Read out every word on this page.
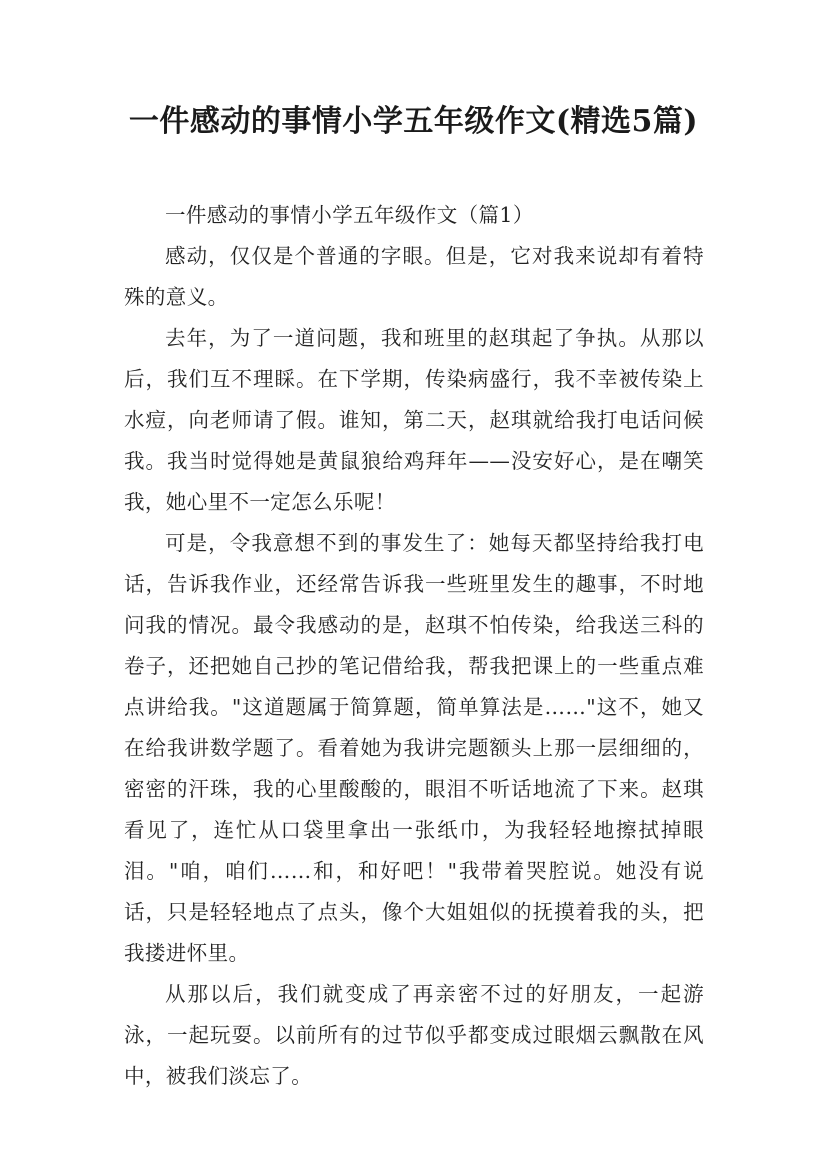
一件感动的事情小学五年级作文(精选5篇)

一件感动的事情小学五年级作文（篇1）

感动，仅仅是个普通的字眼。但是，它对我来说却有着特殊的意义。

去年，为了一道问题，我和班里的赵琪起了争执。从那以后，我们互不理睬。在下学期，传染病盛行，我不幸被传染上水痘，向老师请了假。谁知，第二天，赵琪就给我打电话问候我。我当时觉得她是黄鼠狼给鸡拜年——没安好心，是在嘲笑我，她心里不一定怎么乐呢！

可是，令我意想不到的事发生了：她每天都坚持给我打电话，告诉我作业，还经常告诉我一些班里发生的趣事，不时地问我的情况。最令我感动的是，赵琪不怕传染，给我送三科的卷子，还把她自己抄的笔记借给我，帮我把课上的一些重点难点讲给我。"这道题属于简算题，简单算法是……"这不，她又在给我讲数学题了。看着她为我讲完题额头上那一层细细的，密密的汗珠，我的心里酸酸的，眼泪不听话地流了下来。赵琪看见了，连忙从口袋里拿出一张纸巾，为我轻轻地擦拭掉眼泪。"咱，咱们……和，和好吧！"我带着哭腔说。她没有说话，只是轻轻地点了点头，像个大姐姐似的抚摸着我的头，把我搂进怀里。

从那以后，我们就变成了再亲密不过的好朋友，一起游泳，一起玩耍。以前所有的过节似乎都变成过眼烟云飘散在风中，被我们淡忘了。
